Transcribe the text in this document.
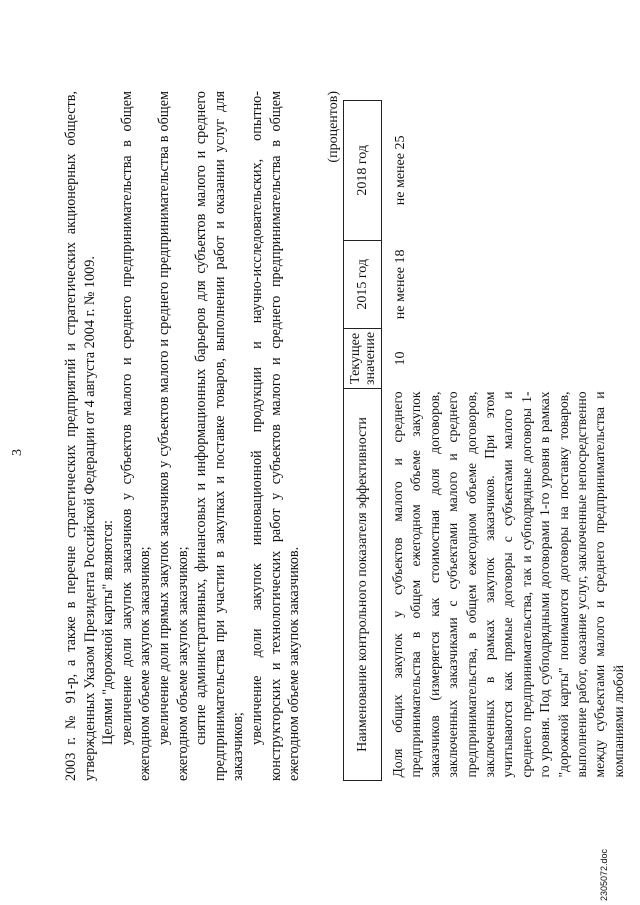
3	2003 г. № 91-р, а также в перечне стратегических предприятий и стратегических акционерных обществ, утвержденных Указом Президента Российской Федерации от 4 августа 2004 г. № 1009. Целями "дорожной карты" являются: увеличение доли закупок заказчиков у субъектов малого и среднего предпринимательства в общем ежегодном объеме закупок заказчиков; увеличение доли прямых закупок заказчиков у субъектов малого и среднего предпринимательства в общем ежегодном объеме закупок заказчиков; снятие административных, финансовых и информационных барьеров для субъектов малого и среднего предпринимательства при участии в закупках и поставке товаров, выполнении работ и оказании услуг для заказчиков;

увеличение доли закупок инновационной продукции и научно-исследовательских, опытно-конструкторских и технологических работ у субъектов малого и среднего предпринимательства в общем ежегодном объеме закупок заказчиков.

(процентов)
Наименование контрольного показателя эффективности	Текущее значение	2015 год	2018 год
Доля общих закупок у субъектов малого и среднего предпринимательства в общем ежегодном объеме закупок заказчиков (измеряется как стоимостная доля договоров, заключенных заказчиками с субъектами малого и среднего предпринимательства, в общем ежегодном объеме договоров, заключенных в рамках закупок заказчиков. При этом учитываются как прямые договоры с субъектами малого и среднего предпринимательства, так и субподрядные договоры 1-го уровня. Под субподрядными договорами 1-го уровня в рамках "дорожной карты" понимаются договоры на поставку товаров, выполнение работ, оказание услуг, заключенные непосредственно между субъектами малого и среднего предпринимательства и компаниями любой	10	не менее 18	не менее 25
2305072.doc
